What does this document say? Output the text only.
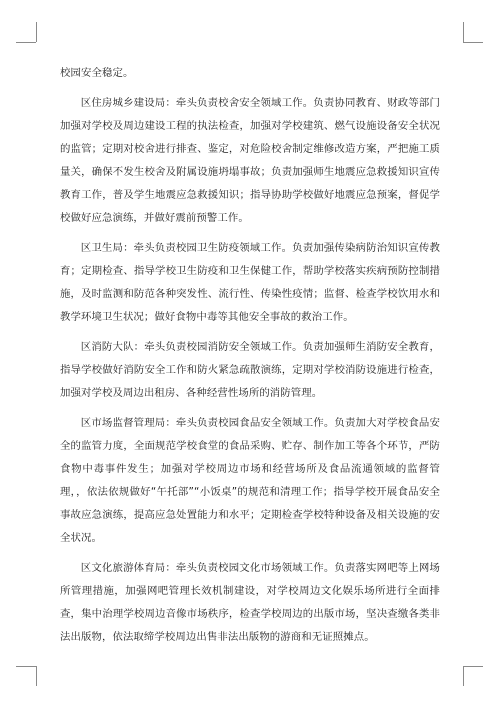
校园安全稳定。

区住房城乡建设局：牵头负责校舍安全领域工作。负责协同教育、财政等部门加强对学校及周边建设工程的执法检查，加强对学校建筑、燃气设施设备安全状况的监管；定期对校舍进行排查、鉴定，对危险校舍制定维修改造方案，严把施工质量关，确保不发生校舍及附属设施坍塌事故；负责加强师生地震应急救援知识宣传教育工作，普及学生地震应急救援知识；指导协助学校做好地震应急预案，督促学校做好应急演练，并做好震前预警工作。

区卫生局：牵头负责校园卫生防疫领域工作。负责加强传染病防治知识宣传教育；定期检查、指导学校卫生防疫和卫生保健工作，帮助学校落实疾病预防控制措施，及时监测和防范各种突发性、流行性、传染性疫情；监督、检查学校饮用水和教学环境卫生状况；做好食物中毒等其他安全事故的救治工作。

区消防大队：牵头负责校园消防安全领域工作。负责加强师生消防安全教育，指导学校做好消防安全工作和防火紧急疏散演练，定期对学校消防设施进行检查，加强对学校及周边出租房、各种经营性场所的消防管理。

区市场监督管理局：牵头负责校园食品安全领域工作。负责加大对学校食品安全的监管力度，全面规范学校食堂的食品采购、贮存、制作加工等各个环节，严防食物中毒事件发生；加强对学校周边市场和经营场所及食品流通领域的监督管理，，依法依规做好“午托部”“小饭桌”的规范和清理工作；指导学校开展食品安全事故应急演练，提高应急处置能力和水平；定期检查学校特种设备及相关设施的安全状况。

区文化旅游体育局：牵头负责校园文化市场领域工作。负责落实网吧等上网场所管理措施，加强网吧管理长效机制建设，对学校周边文化娱乐场所进行全面排查，集中治理学校周边音像市场秩序，检查学校周边的出版市场，坚决查缴各类非法出版物，依法取缔学校周边出售非法出版物的游商和无证照摊点。
